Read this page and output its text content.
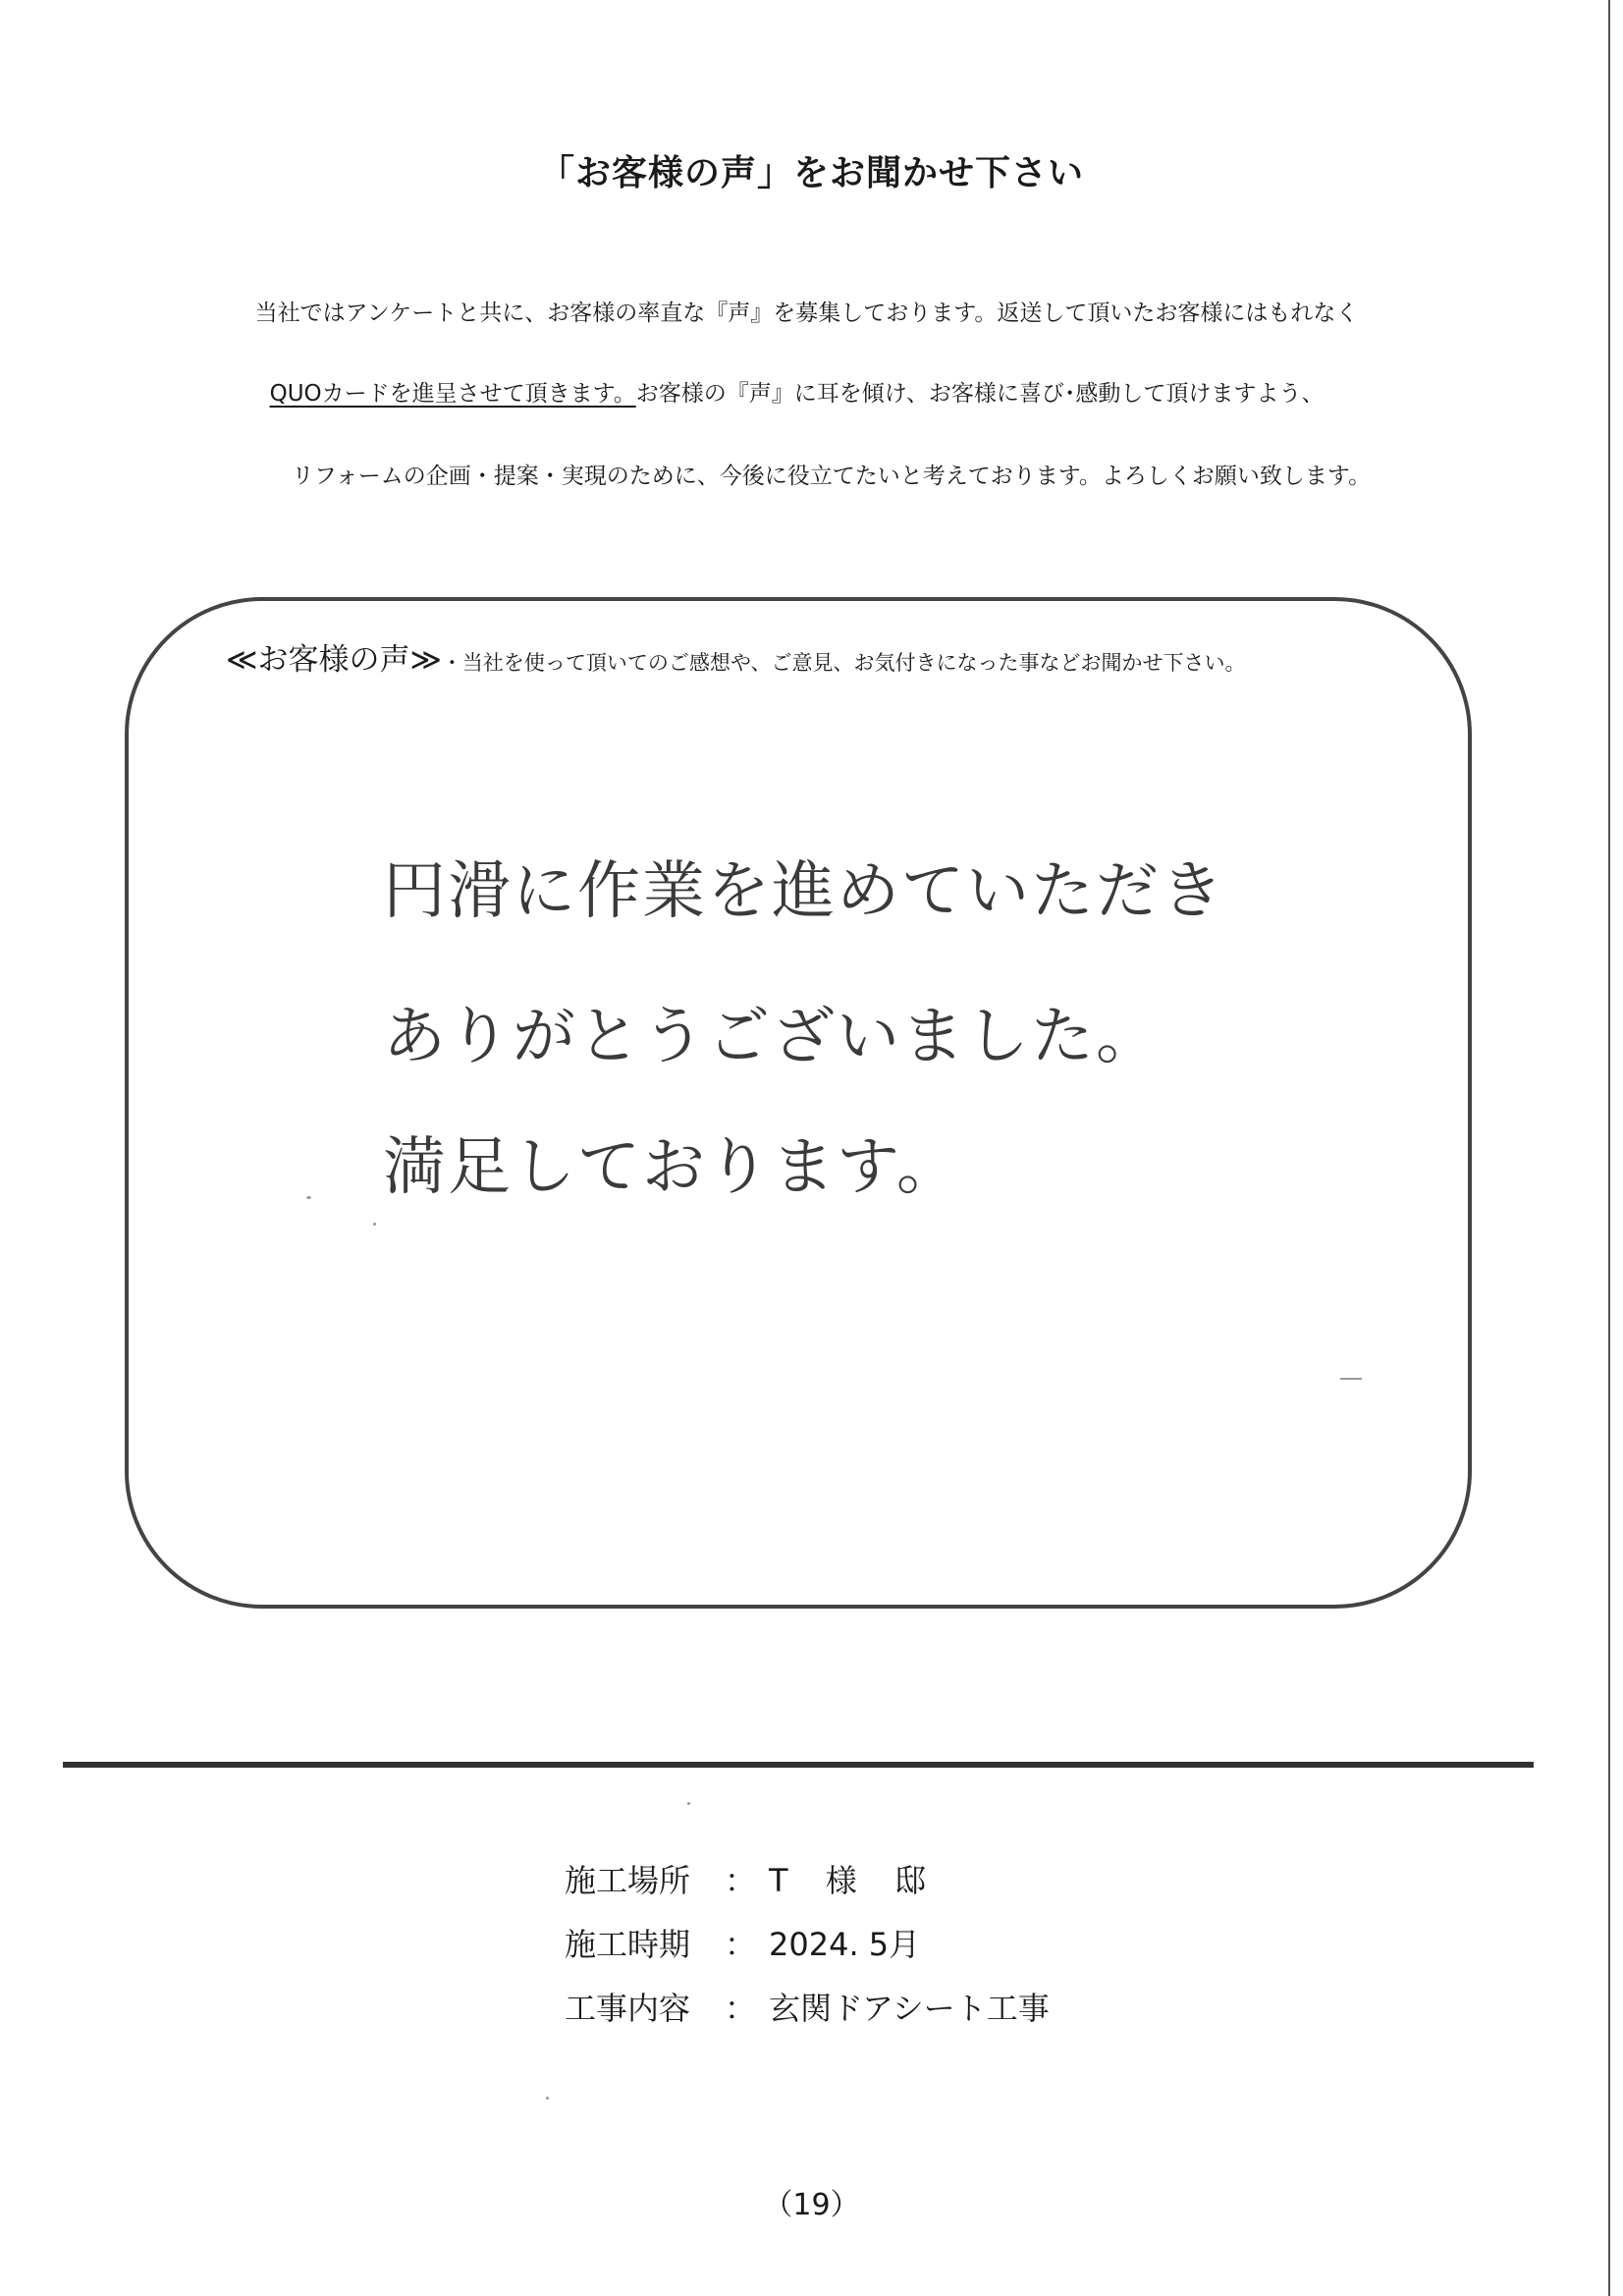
「お客様の声」をお聞かせ下さい
当社ではアンケートと共に、お客様の率直な『声』を募集しております。返送して頂いたお客様にはもれなく
QUOカードを進呈させて頂きます。お客様の『声』に耳を傾け、お客様に喜び･感動して頂けますよう、
リフォームの企画・提案・実現のために、今後に役立てたいと考えております。よろしくお願い致します。
≪お客様の声≫・当社を使って頂いてのご感想や、ご意見、お気付きになった事などお聞かせ下さい。
円滑に作業を進めていただき
ありがとうございました。
満足しております。
施工場所 ： T 様 邸
施工時期 ： 2024. 5月
工事内容 ： 玄関ドアシート工事
（19）
